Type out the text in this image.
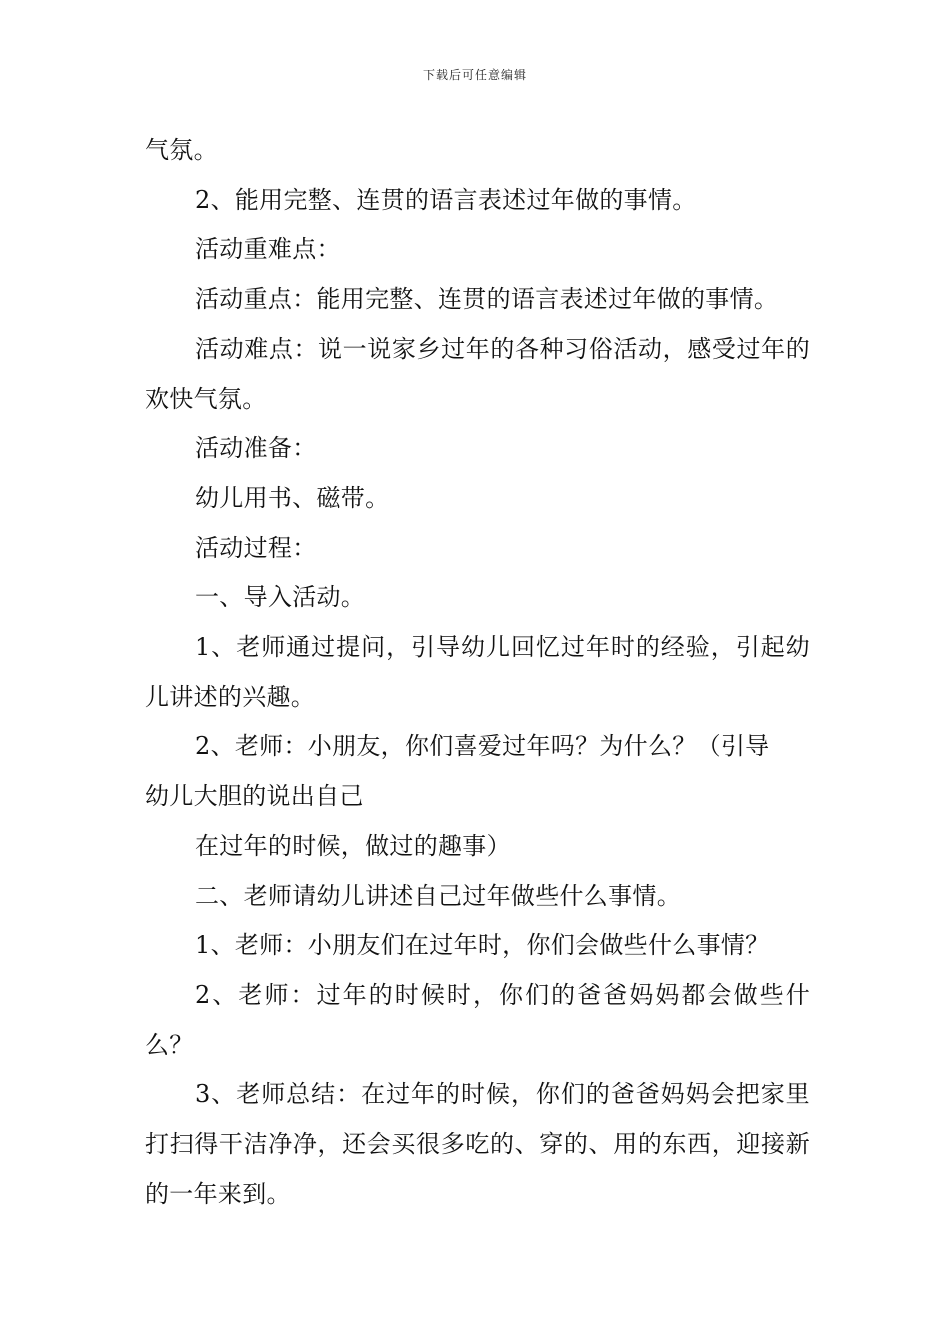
下载后可任意编辑

气氛。

2、能用完整、连贯的语言表述过年做的事情。

活动重难点：

活动重点：能用完整、连贯的语言表述过年做的事情。

活动难点：说一说家乡过年的各种习俗活动，感受过年的欢快气氛。

活动准备：

幼儿用书、磁带。

活动过程：

一、导入活动。

1、老师通过提问，引导幼儿回忆过年时的经验，引起幼儿讲述的兴趣。

2、老师：小朋友，你们喜爱过年吗？为什么？（引导

幼儿大胆的说出自己

在过年的时候，做过的趣事）

二、老师请幼儿讲述自己过年做些什么事情。

1、老师：小朋友们在过年时，你们会做些什么事情？

2、老师：过年的时候时，你们的爸爸妈妈都会做些什么？

3、老师总结：在过年的时候，你们的爸爸妈妈会把家里打扫得干洁净净，还会买很多吃的、穿的、用的东西，迎接新的一年来到。
